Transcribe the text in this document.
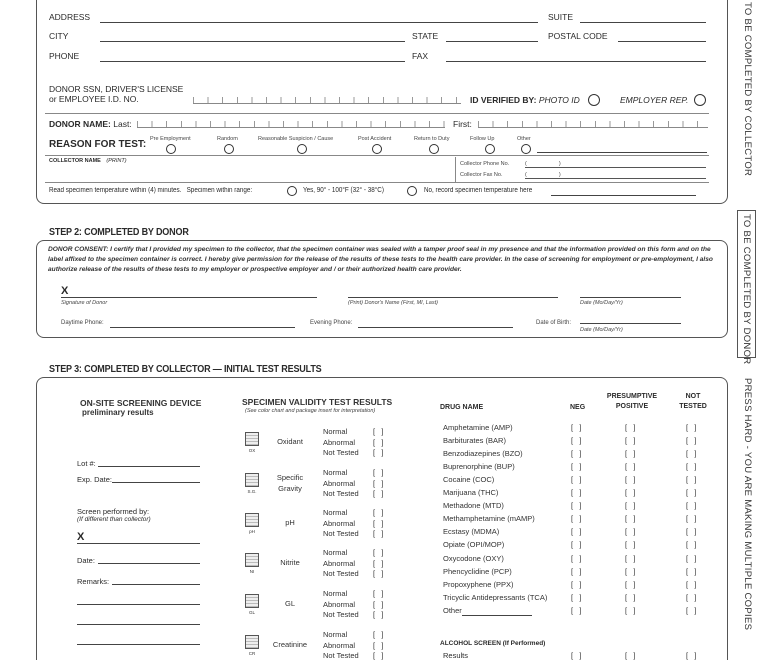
ADDRESS	SUITE
CITY	STATE	POSTAL CODE
PHONE	FAX
DONOR SSN, DRIVER'S LICENSE
or EMPLOYEE I.D. NO.	ID VERIFIED BY: PHOTO ID	EMPLOYER REP.
DONOR NAME: Last:	First:
REASON FOR TEST: Pre Employment	Random	Reasonable Suspicion / Cause	Post Accident	Return to Duty	Follow Up	Other
COLLECTOR NAME (PRINT)	Collector Phone No.	(	)
Collector Fax No.	(	)
Read specimen temperature within (4) minutes.   Specimen within range:	Yes, 90° - 100°F (32° - 38°C)	No, record specimen temperature here
TO BE COMPLETED BY COLLECTOR
TO BE COMPLETED BY DONOR
PRESS HARD - YOU ARE MAKING MULTIPLE COPIES
STEP 2: COMPLETED BY DONOR
DONOR CONSENT: I certify that I provided my specimen to the collector, that the specimen container was sealed with a tamper proof seal in my presence and that the information provided on this form and on the label affixed to the specimen container is correct. I hereby give permission for the release of the results of these tests to the health care provider. In the case of screening for employment or pre-employment, I also authorize release of the results of these tests to my employer or prospective employer and / or their authorized health care provider.
X
Signature of Donor	(Print) Donor's Name (First, MI, Last)	Date (Mo/Day/Yr)
Daytime Phone:	Evening Phone:	Date of Birth:
Date (Mo/Day/Yr)
STEP 3: COMPLETED BY COLLECTOR — INITIAL TEST RESULTS
ON-SITE SCREENING DEVICE
preliminary results
Lot #:
Exp. Date:
Screen performed by:
(If different than collector)
X
Date:
Remarks:
SPECIMEN VALIDITY TEST RESULTS
(See color chart and package insert for interpretation)
OX
Oxidant
Normal	[   ]
Abnormal [   ]
Not Tested [   ]
S.G.
Specific
Gravity
Normal	[   ]
Abnormal [   ]
Not Tested [   ]
pH
pH
Normal	[   ]
Abnormal [   ]
Not Tested [   ]
NI
Nitrite
Normal	[   ]
Abnormal [   ]
Not Tested [   ]
GL
GL
Normal	[   ]
Abnormal [   ]
Not Tested [   ]
CR
Creatinine
Normal	[   ]
Abnormal [   ]
Not Tested [   ]
DRUG NAME	NEG
PRESUMPTIVE
POSITIVE
NOT
TESTED
Amphetamine (AMP)	[   ]	[   ]	[   ]
Barbiturates (BAR)	[   ]	[   ]	[   ]
Benzodiazepines (BZO)	[   ]	[   ]	[   ]
Buprenorphine (BUP)	[   ]	[   ]	[   ]
Cocaine (COC)	[   ]	[   ]	[   ]
Marijuana (THC)	[   ]	[   ]	[   ]
Methadone (MTD)	[   ]	[   ]	[   ]
Methamphetamine (mAMP)	[   ]	[   ]	[   ]
Ecstasy (MDMA)	[   ]	[   ]	[   ]
Opiate (OPI/MOP)	[   ]	[   ]	[   ]
Oxycodone (OXY)	[   ]	[   ]	[   ]
Phencyclidine (PCP)	[   ]	[   ]	[   ]
Propoxyphene (PPX)	[   ]	[   ]	[   ]
Tricyclic Antidepressants (TCA)	[   ]	[   ]	[   ]
Other	[   ]	[   ]	[   ]
ALCOHOL SCREEN (If Performed)
Results	[   ]	[   ]	[   ]
